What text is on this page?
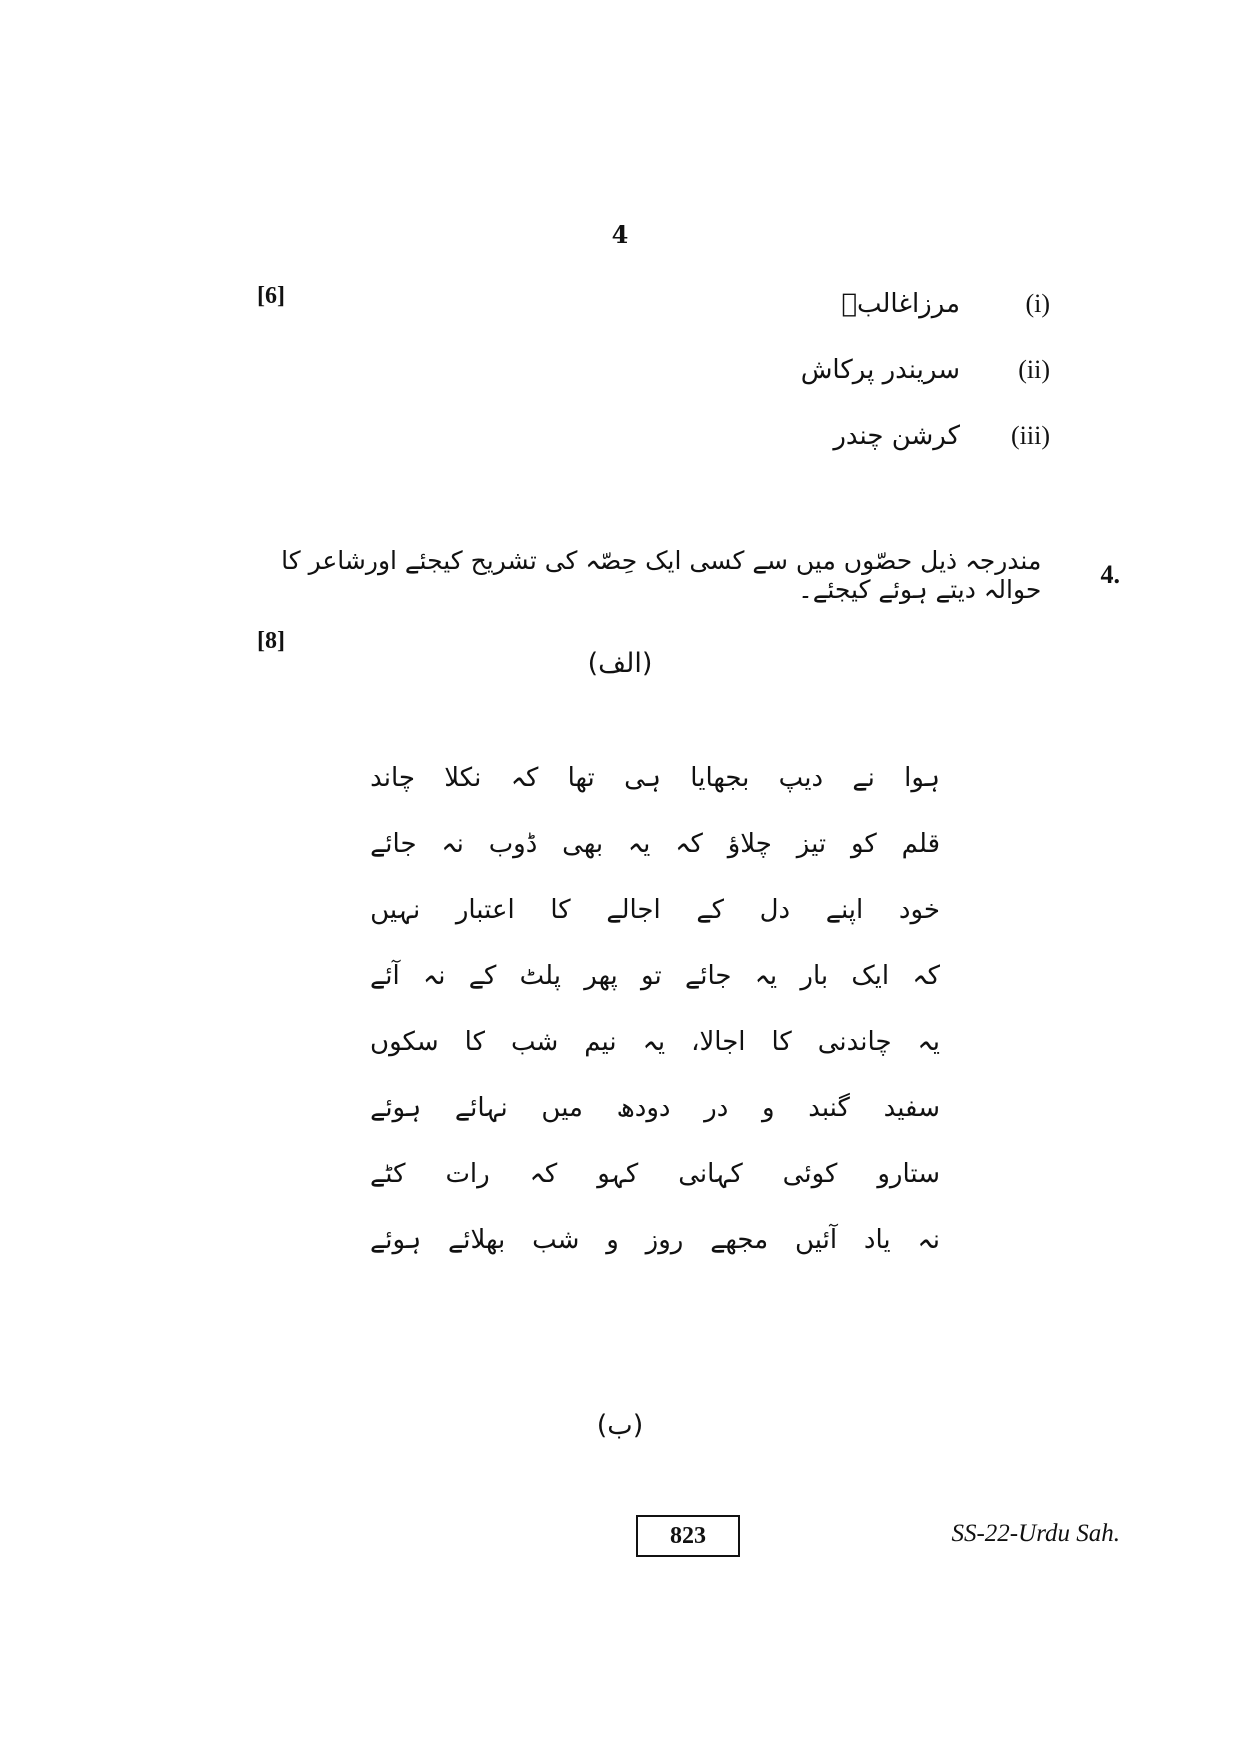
4
[6]	(i)
مرزاغالبؔ
(ii)
سریندر پرکاش
(iii)
کرشن چندر
4.
مندرجہ ذیل حصّوں میں سے کسی ایک حِصّہ کی تشریح کیجئے اورشاعر کا حوالہ دیتے ہوئے کیجئے۔
[8]
(الف)
ہوا
نے
دیپ
بجھایا
ہی
تھا
کہ
نکلا
چاند
قلم
کو
تیز
چلاؤ
کہ
یہ
بھی
ڈوب
نہ
جائے
خود
اپنے
دل
کے
اجالے
کا
اعتبار
نہیں
کہ
ایک
بار
یہ
جائے
تو
پھر
پلٹ
کے
نہ
آئے
یہ
چاندنی
کا
اجالا،
یہ
نیم
شب
کا
سکوں
سفید
گنبد
و
در
دودھ
میں
نہائے
ہوئے
ستارو
کوئی
کہانی
کہو
کہ
رات
کٹے
نہ
یاد
آئیں
مجھے
روز
و
شب
بھلائے
ہوئے
(ب)
823	SS-22-Urdu Sah.
